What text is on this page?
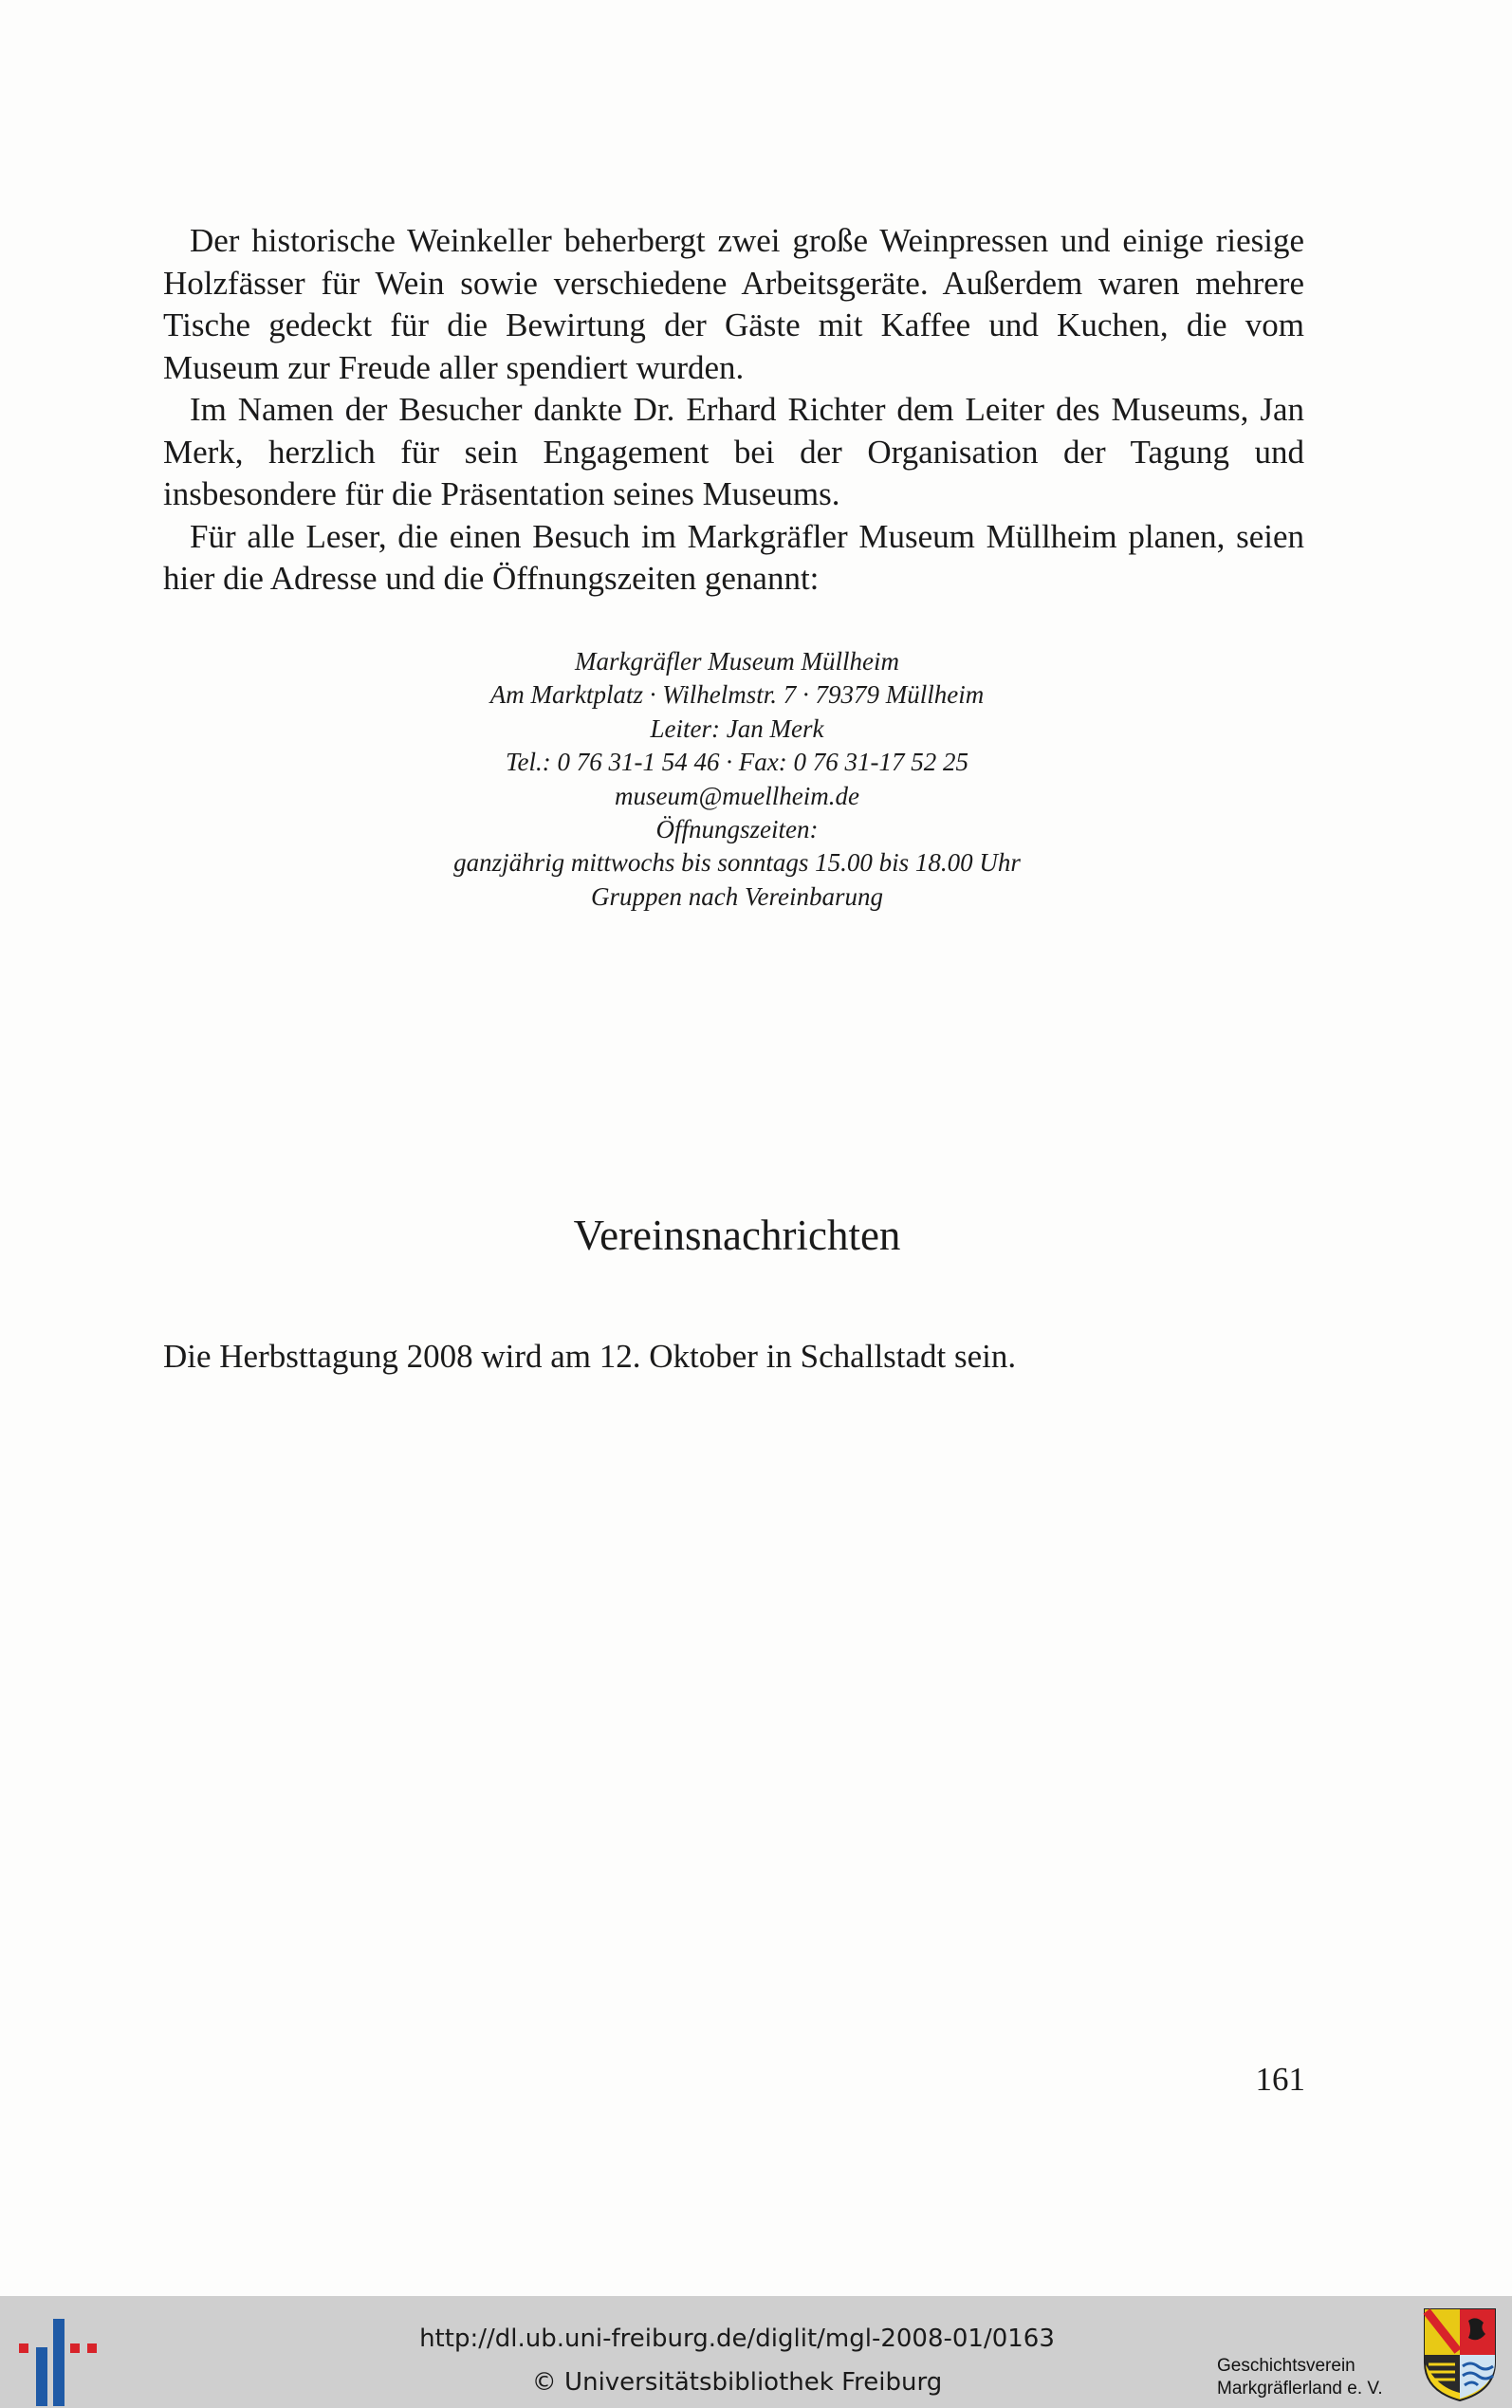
Der historische Weinkeller beherbergt zwei große Weinpressen und einige riesige Holzfässer für Wein sowie verschiedene Arbeitsgeräte. Außerdem waren mehrere Tische gedeckt für die Bewirtung der Gäste mit Kaffee und Kuchen, die vom Museum zur Freude aller spendiert wurden.

Im Namen der Besucher dankte Dr. Erhard Richter dem Leiter des Museums, Jan Merk, herzlich für sein Engagement bei der Organisation der Tagung und insbesondere für die Präsentation seines Museums.

Für alle Leser, die einen Besuch im Markgräfler Museum Müllheim planen, seien hier die Adresse und die Öffnungszeiten genannt:

Markgräfler Museum Müllheim
Am Marktplatz · Wilhelmstr. 7 · 79379 Müllheim
Leiter: Jan Merk
Tel.: 0 76 31-1 54 46 · Fax: 0 76 31-17 52 25
museum@muellheim.de
Öffnungszeiten:
ganzjährig mittwochs bis sonntags 15.00 bis 18.00 Uhr
Gruppen nach Vereinbarung
Vereinsnachrichten
Die Herbsttagung 2008 wird am 12. Oktober in Schallstadt sein.
161
http://dl.ub.uni-freiburg.de/diglit/mgl-2008-01/0163
© Universitätsbibliothek Freiburg
Geschichtsverein
Markgräflerland e. V.
